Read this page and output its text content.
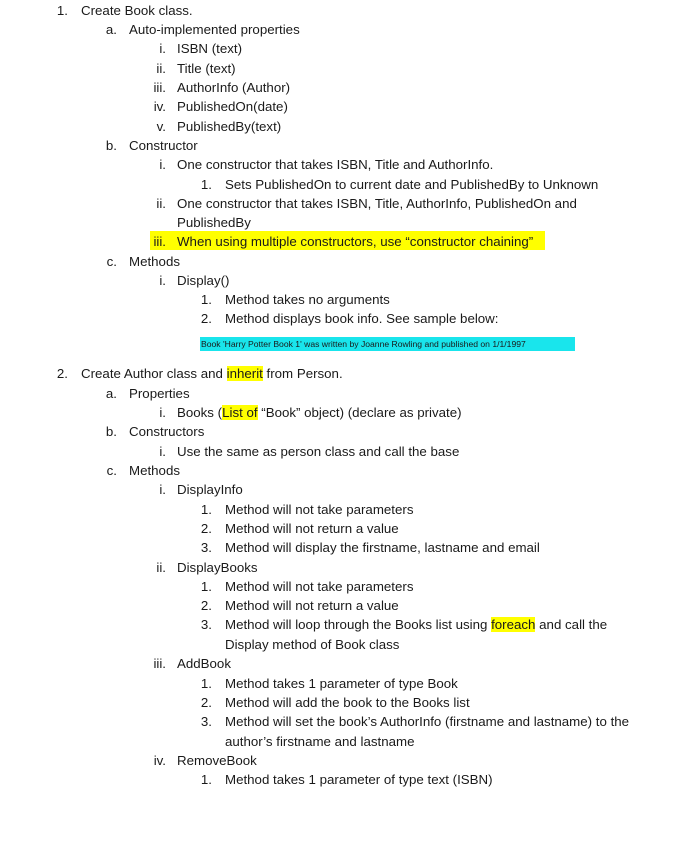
1. Create Book class.
a. Auto-implemented properties
i. ISBN (text)
ii. Title (text)
iii. AuthorInfo (Author)
iv. PublishedOn(date)
v. PublishedBy(text)
b. Constructor
i. One constructor that takes ISBN, Title and AuthorInfo.
1. Sets PublishedOn to current date and PublishedBy to Unknown
ii. One constructor that takes ISBN, Title, AuthorInfo, PublishedOn and
PublishedBy
iii. When using multiple constructors, use “constructor chaining”
c. Methods
i. Display()
1. Method takes no arguments
2. Method displays book info. See sample below:
Book 'Harry Potter Book 1' was written by Joanne Rowling and published on 1/1/1997
2. Create Author class and inherit from Person.
a. Properties
i. Books (List of “Book” object) (declare as private)
b. Constructors
i. Use the same as person class and call the base
c. Methods
i. DisplayInfo
1. Method will not take parameters
2. Method will not return a value
3. Method will display the firstname, lastname and email
ii. DisplayBooks
1. Method will not take parameters
2. Method will not return a value
3. Method will loop through the Books list using foreach and call the
Display method of Book class
iii. AddBook
1. Method takes 1 parameter of type Book
2. Method will add the book to the Books list
3. Method will set the book’s AuthorInfo (firstname and lastname) to the
author’s firstname and lastname
iv. RemoveBook
1. Method takes 1 parameter of type text (ISBN)
